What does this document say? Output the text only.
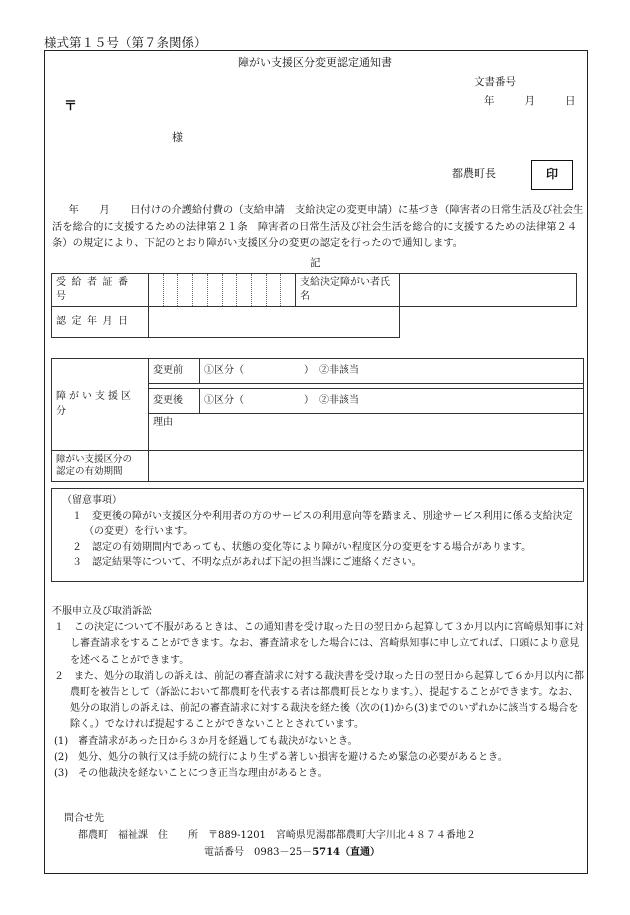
様式第１５号（第７条関係）
障がい支援区分変更認定通知書
文書番号
年	月	日
〒
様
都農町長	印
年　　月　　日付けの介護給付費の（支給申請　支給決定の変更申請）に基づき（障害者の日常生活及び社会生活を総合的に支援するための法律第２１条　障害者の日常生活及び社会生活を総合的に支援するための法律第２４条）の規定により、下記のとおり障がい支援区分の変更の認定を行ったので通知します。
記
受給者証番号		支給決定障がい者氏名	
認定年月日			
障がい支援区分	変更前	①区分（　　　　　　）　 ②非該当

	変更後	①区分（　　　　　　）　 ②非該当
	理由	
障がい支援区分の
認定の有効期間		
（留意事項）
１　変更後の障がい支援区分や利用者の方のサービスの利用意向等を踏まえ、別途サービス利用に係る支給決定（の変更）を行います。
２　認定の有効期間内であっても、状態の変化等により障がい程度区分の変更をする場合があります。
３　認定結果等について、不明な点があれば下記の担当課にご連絡ください。
不服申立及び取消訴訟
１　この決定について不服があるときは、この通知書を受け取った日の翌日から起算して３か月以内に宮崎県知事に対し審査請求をすることができます。なお、審査請求をした場合には、宮崎県知事に申し立てれば、口頭により意見を述べることができます。
２　また、処分の取消しの訴えは、前記の審査請求に対する裁決書を受け取った日の翌日から起算して６か月以内に都農町を被告として（訴訟において都農町を代表する者は都農町長となります。）、提起することができます。なお、処分の取消しの訴えは、前記の審査請求に対する裁決を経た後（次の(1)から(3)までのいずれかに該当する場合を除く。）でなければ提起することができないこととされています。
(1)　審査請求があった日から３か月を経過しても裁決がないとき。
(2)　処分、処分の執行又は手続の続行により生ずる著しい損害を避けるため緊急の必要があるとき。
(3)　その他裁決を経ないことにつき正当な理由があるとき。
問合せ先
都農町　福祉課　住　　所　〒889-1201　宮崎県児湯郡都農町大字川北４８７４番地２
電話番号　0983－25－5714（直通）
